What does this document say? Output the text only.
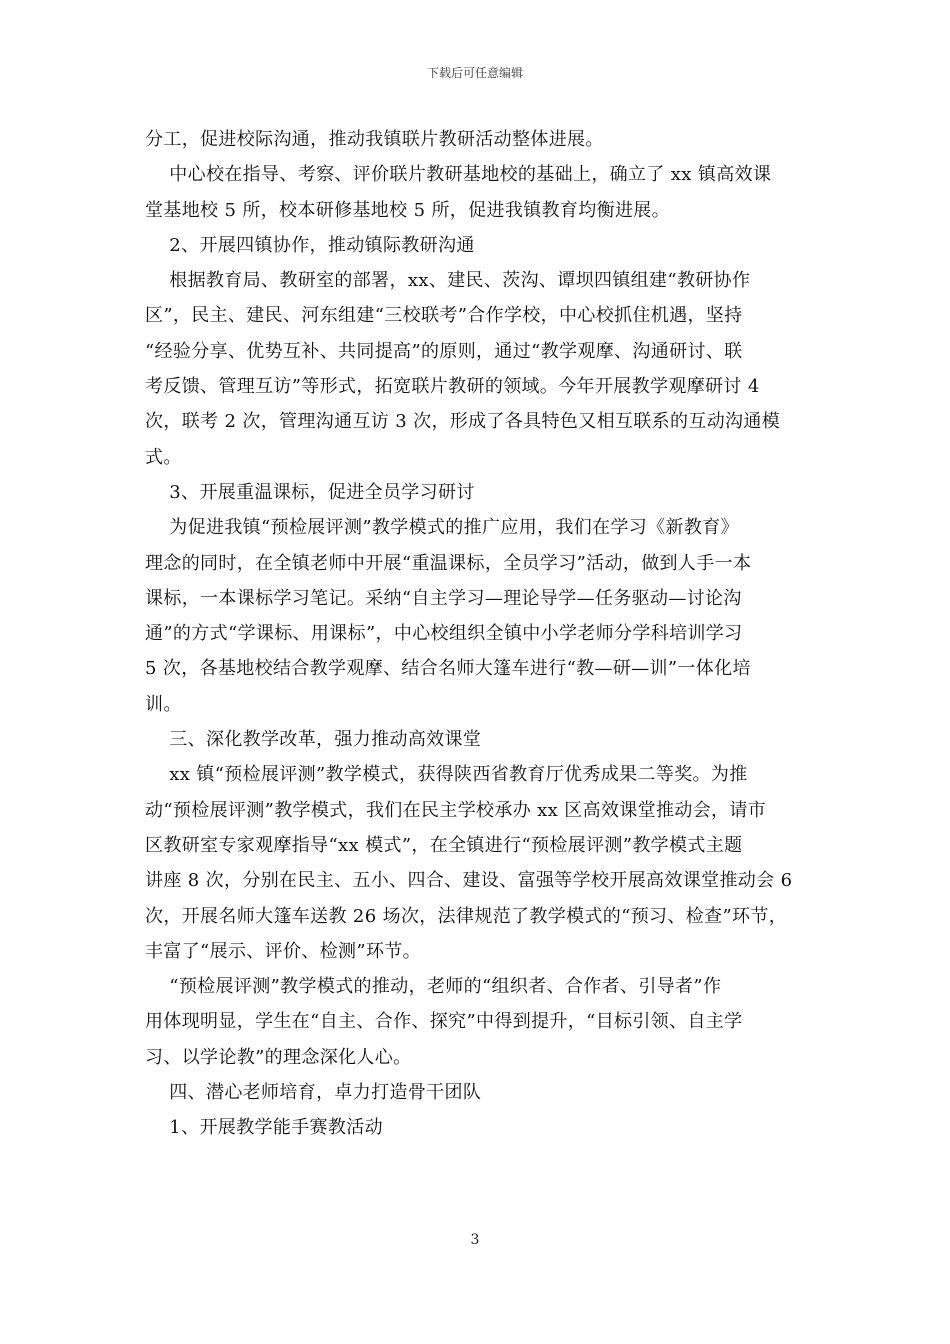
下载后可任意编辑
分工，促进校际沟通，推动我镇联片教研活动整体进展。
中心校在指导、考察、评价联片教研基地校的基础上，确立了 xx 镇高效课
堂基地校 5 所，校本研修基地校 5 所，促进我镇教育均衡进展。
2、开展四镇协作，推动镇际教研沟通
根据教育局、教研室的部署，xx、建民、茨沟、谭坝四镇组建“教研协作
区”，民主、建民、河东组建“三校联考”合作学校，中心校抓住机遇，坚持
“经验分享、优势互补、共同提高”的原则，通过“教学观摩、沟通研讨、联
考反馈、管理互访”等形式，拓宽联片教研的领域。今年开展教学观摩研讨 4
次，联考 2 次，管理沟通互访 3 次，形成了各具特色又相互联系的互动沟通模
式。
3、开展重温课标，促进全员学习研讨
为促进我镇“预检展评测”教学模式的推广应用，我们在学习《新教育》
理念的同时，在全镇老师中开展“重温课标，全员学习”活动，做到人手一本
课标，一本课标学习笔记。采纳“自主学习—理论导学—任务驱动—讨论沟
通”的方式“学课标、用课标”，中心校组织全镇中小学老师分学科培训学习
5 次，各基地校结合教学观摩、结合名师大篷车进行“教—研—训”一体化培
训。
三、深化教学改革，强力推动高效课堂
xx 镇“预检展评测”教学模式，获得陕西省教育厅优秀成果二等奖。为推
动“预检展评测”教学模式，我们在民主学校承办 xx 区高效课堂推动会，请市
区教研室专家观摩指导“xx 模式”，在全镇进行“预检展评测”教学模式主题
讲座 8 次，分别在民主、五小、四合、建设、富强等学校开展高效课堂推动会 6
次，开展名师大篷车送教 26 场次，法律规范了教学模式的“预习、检查”环节，
丰富了“展示、评价、检测”环节。
“预检展评测”教学模式的推动，老师的“组织者、合作者、引导者”作
用体现明显，学生在“自主、合作、探究”中得到提升，“目标引领、自主学
习、以学论教”的理念深化人心。
四、潜心老师培育，卓力打造骨干团队
1、开展教学能手赛教活动
3
